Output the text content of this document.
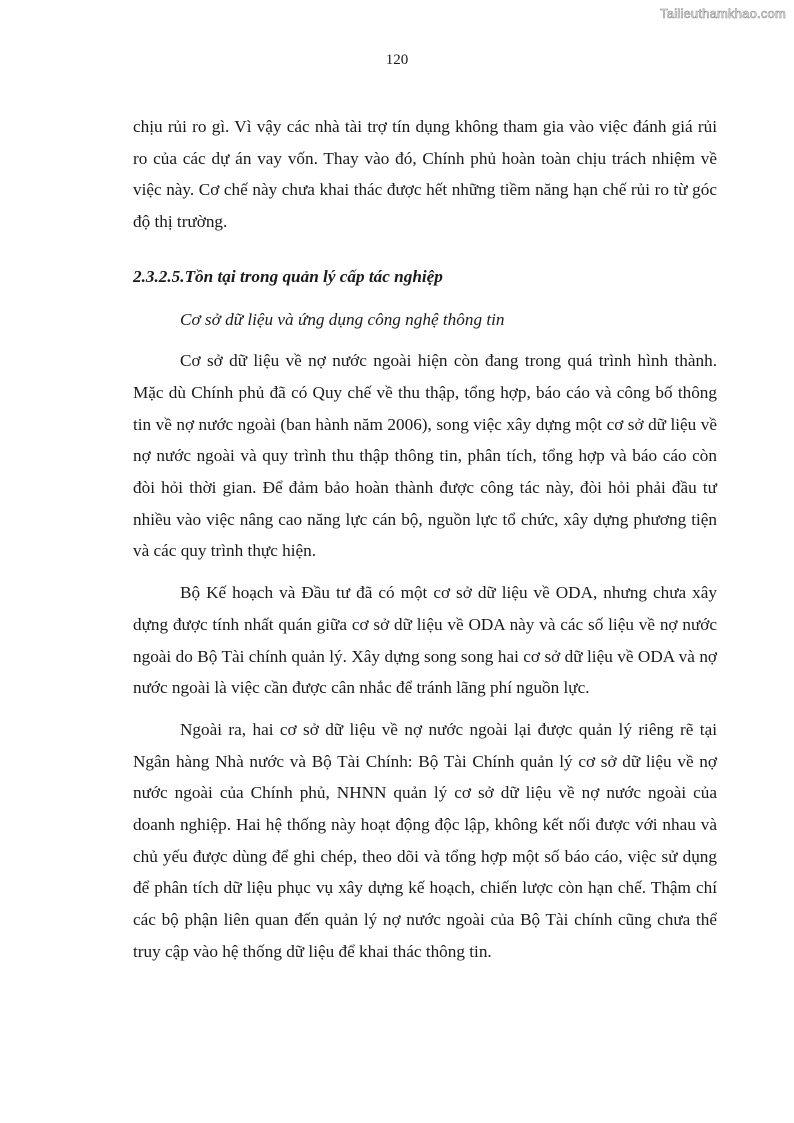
Tailieuthamkhao.com
120

chịu rủi ro gì. Vì vậy các nhà tài trợ tín dụng không tham gia vào việc đánh giá rủi ro của các dự án vay vốn. Thay vào đó, Chính phủ hoàn toàn chịu trách nhiệm về việc này. Cơ chế này chưa khai thác được hết những tiềm năng hạn chế rủi ro từ góc độ thị trường.

2.3.2.5.Tồn tại trong quản lý cấp tác nghiệp

Cơ sở dữ liệu và ứng dụng công nghệ thông tin

Cơ sở dữ liệu về nợ nước ngoài hiện còn đang trong quá trình hình thành. Mặc dù Chính phủ đã có Quy chế về thu thập, tổng hợp, báo cáo và công bố thông tin về nợ nước ngoài (ban hành năm 2006), song việc xây dựng một cơ sở dữ liệu về nợ nước ngoài và quy trình thu thập thông tin, phân tích, tổng hợp và báo cáo còn đòi hỏi thời gian. Để đảm bảo hoàn thành được công tác này, đòi hỏi phải đầu tư nhiều vào việc nâng cao năng lực cán bộ, nguồn lực tổ chức, xây dựng phương tiện và các quy trình thực hiện.

Bộ Kế hoạch và Đầu tư đã có một cơ sở dữ liệu về ODA, nhưng chưa xây dựng được tính nhất quán giữa cơ sở dữ liệu về ODA này và các số liệu về nợ nước ngoài do Bộ Tài chính quản lý. Xây dựng song song hai cơ sở dữ liệu về ODA và nợ nước ngoài là việc cần được cân nhắc để tránh lãng phí nguồn lực.

Ngoài ra, hai cơ sở dữ liệu về nợ nước ngoài lại được quản lý riêng rẽ tại Ngân hàng Nhà nước và Bộ Tài Chính: Bộ Tài Chính quản lý cơ sở dữ liệu về nợ nước ngoài của Chính phủ, NHNN quản lý cơ sở dữ liệu về nợ nước ngoài của doanh nghiệp. Hai hệ thống này hoạt động độc lập, không kết nối được với nhau và chủ yếu được dùng để ghi chép, theo dõi và tổng hợp một số báo cáo, việc sử dụng để phân tích dữ liệu phục vụ xây dựng kế hoạch, chiến lược còn hạn chế. Thậm chí các bộ phận liên quan đến quản lý nợ nước ngoài của Bộ Tài chính cũng chưa thể truy cập vào hệ thống dữ liệu để khai thác thông tin.
